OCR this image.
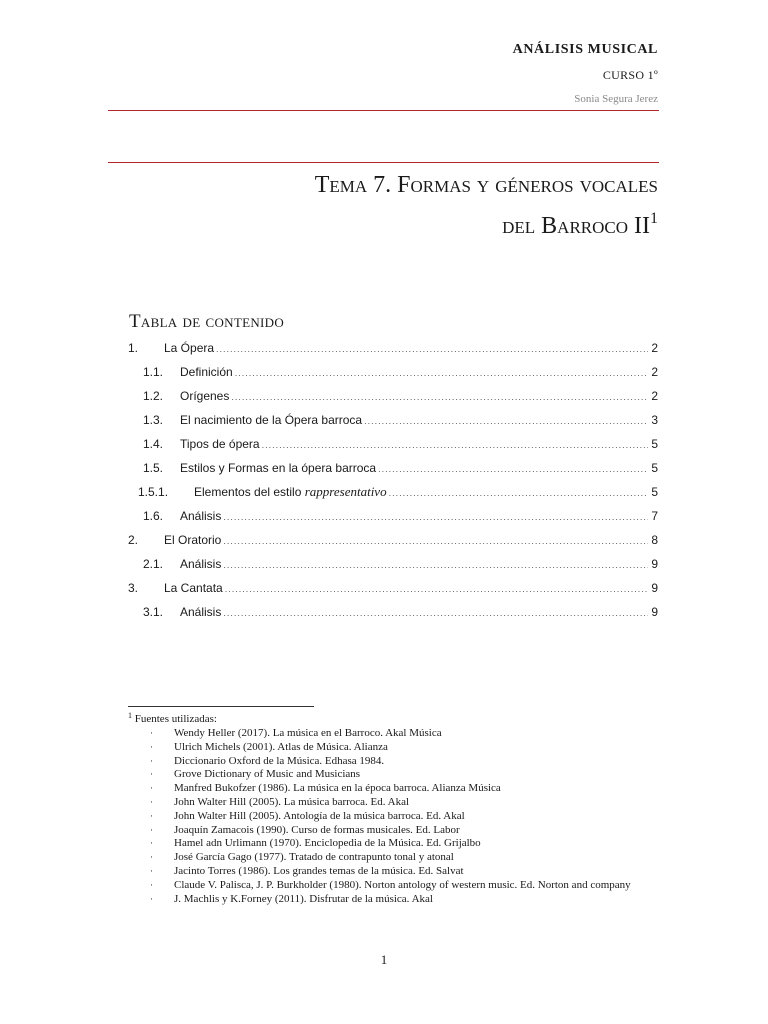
ANÁLISIS MUSICAL
CURSO 1º
Sonia Segura Jerez
Tema 7. Formas y géneros vocales
del Barroco $II^1$
Tabla de contenido
1.	La Ópera .....	2
1.1.	Definición .....	2
1.2.	Orígenes .....	2
1.3.	El nacimiento de la Ópera barroca .....	3
1.4.	Tipos de ópera .....	5
1.5.	Estilos y Formas en la ópera barroca .....	5
1.5.1.	Elementos del estilo rappresentativo .....	5
1.6.	Análisis .....	7
2.	El Oratorio .....	8
2.1.	Análisis .....	9
3.	La Cantata .....	9
3.1.	Análisis .....	9
$^1$ Fuentes utilizadas:
· Wendy Heller (2017). La música en el Barroco. Akal Música
· Ulrich Michels (2001). Atlas de Música. Alianza
· Diccionario Oxford de la Música. Edhasa 1984.
· Grove Dictionary of Music and Musicians
· Manfred Bukofzer (1986). La música en la época barroca. Alianza Música
· John Walter Hill (2005). La música barroca. Ed. Akal
· John Walter Hill (2005). Antología de la música barroca. Ed. Akal
· Joaquín Zamacois (1990). Curso de formas musicales. Ed. Labor
· Hamel adn Urlimann (1970). Enciclopedia de la Música. Ed. Grijalbo
· José García Gago (1977). Tratado de contrapunto tonal y atonal
· Jacinto Torres (1986). Los grandes temas de la música. Ed. Salvat
· Claude V. Palisca, J. P. Burkholder (1980). Norton antology of western music. Ed. Norton and company
· J. Machlis y K.Forney (2011). Disfrutar de la música. Akal
1
